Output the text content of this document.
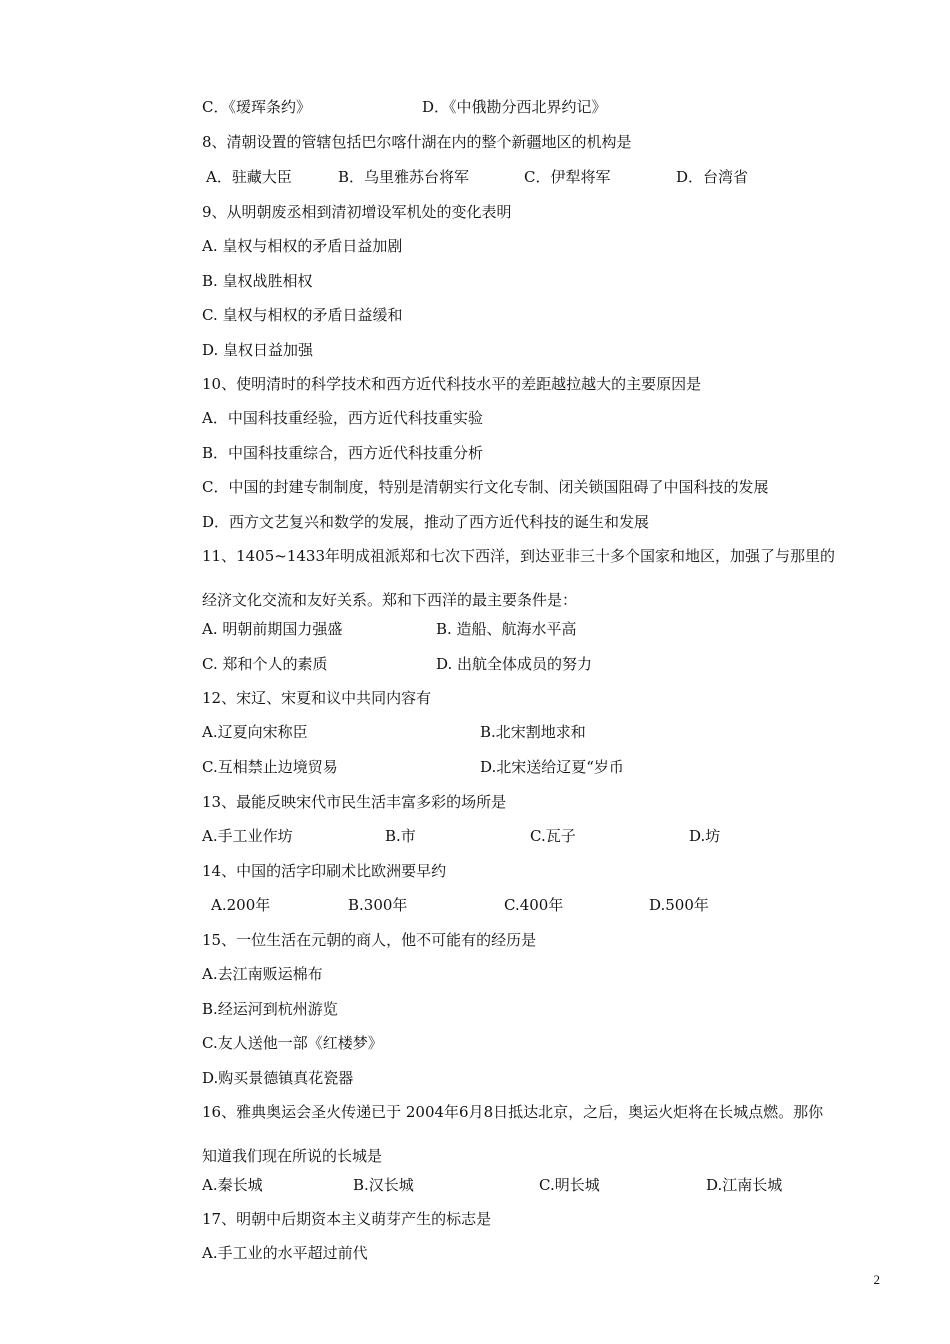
C．《瑷珲条约》	D．《中俄勘分西北界约记》
8、清朝设置的管辖包括巴尔喀什湖在内的整个新疆地区的机构是
A．驻藏大臣	B．乌里雅苏台将军	C．伊犁将军	D．台湾省
9、从明朝废丞相到清初增设军机处的变化表明
A. 皇权与相权的矛盾日益加剧
B. 皇权战胜相权
C. 皇权与相权的矛盾日益缓和
D. 皇权日益加强
10、使明清时的科学技术和西方近代科技水平的差距越拉越大的主要原因是
A．中国科技重经验，西方近代科技重实验
B．中国科技重综合，西方近代科技重分析
C．中国的封建专制制度，特别是清朝实行文化专制、闭关锁国阻碍了中国科技的发展
D．西方文艺复兴和数学的发展，推动了西方近代科技的诞生和发展
11、1405~1433年明成祖派郑和七次下西洋，到达亚非三十多个国家和地区，加强了与那里的
经济文化交流和友好关系。郑和下西洋的最主要条件是：
A. 明朝前期国力强盛	B. 造船、航海水平高
C. 郑和个人的素质	D. 出航全体成员的努力
12、宋辽、宋夏和议中共同内容有
A.辽夏向宋称臣	B.北宋割地求和
C.互相禁止边境贸易	D.北宋送给辽夏“岁币
13、最能反映宋代市民生活丰富多彩的场所是
A.手工业作坊	B.市	C.瓦子	D.坊
14、中国的活字印刷术比欧洲要早约
A.200年	B.300年	C.400年	D.500年
15、一位生活在元朝的商人，他不可能有的经历是
A.去江南贩运棉布
B.经运河到杭州游览
C.友人送他一部《红楼梦》
D.购买景德镇真花瓷器
16、雅典奥运会圣火传递已于 2004年6月8日抵达北京，之后，奥运火炬将在长城点燃。那你
知道我们现在所说的长城是
A.秦长城	B.汉长城	C.明长城	D.江南长城
17、明朝中后期资本主义萌芽产生的标志是
A.手工业的水平超过前代
2
